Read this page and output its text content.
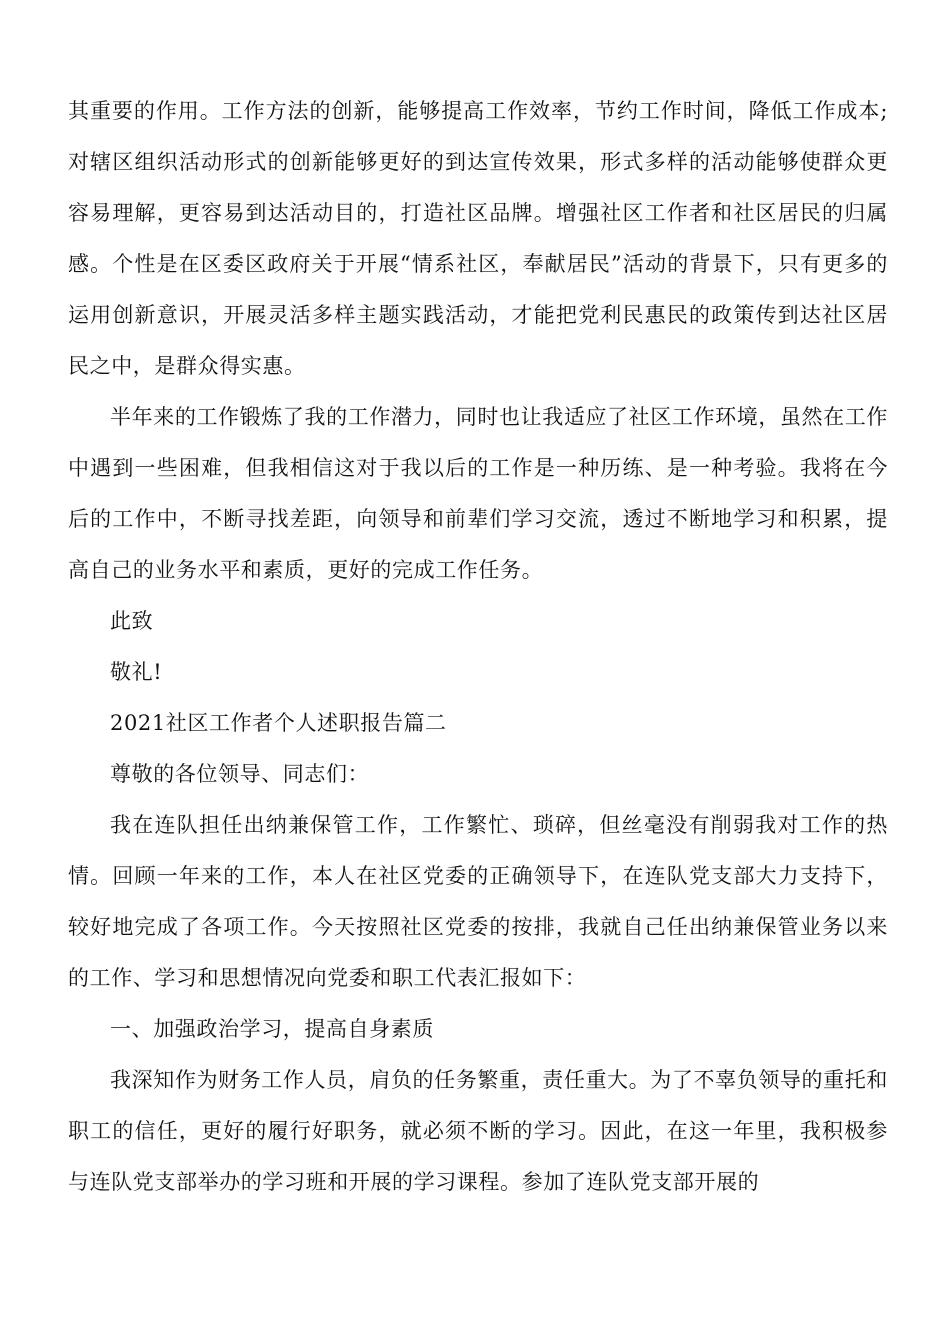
其重要的作用。工作方法的创新，能够提高工作效率，节约工作时间，降低工作成本;对辖区组织活动形式的创新能够更好的到达宣传效果，形式多样的活动能够使群众更容易理解，更容易到达活动目的，打造社区品牌。增强社区工作者和社区居民的归属感。个性是在区委区政府关于开展“情系社区，奉献居民”活动的背景下，只有更多的运用创新意识，开展灵活多样主题实践活动，才能把党利民惠民的政策传到达社区居民之中，是群众得实惠。

半年来的工作锻炼了我的工作潜力，同时也让我适应了社区工作环境，虽然在工作中遇到一些困难，但我相信这对于我以后的工作是一种历练、是一种考验。我将在今后的工作中，不断寻找差距，向领导和前辈们学习交流，透过不断地学习和积累，提高自己的业务水平和素质，更好的完成工作任务。

此致

敬礼!

2021社区工作者个人述职报告篇二

尊敬的各位领导、同志们：

我在连队担任出纳兼保管工作，工作繁忙、琐碎，但丝毫没有削弱我对工作的热情。回顾一年来的工作，本人在社区党委的正确领导下，在连队党支部大力支持下，较好地完成了各项工作。今天按照社区党委的按排，我就自己任出纳兼保管业务以来的工作、学习和思想情况向党委和职工代表汇报如下：

一、加强政治学习，提高自身素质

我深知作为财务工作人员，肩负的任务繁重，责任重大。为了不辜负领导的重托和职工的信任，更好的履行好职务，就必须不断的学习。因此，在这一年里，我积极参与连队党支部举办的学习班和开展的学习课程。参加了连队党支部开展的
